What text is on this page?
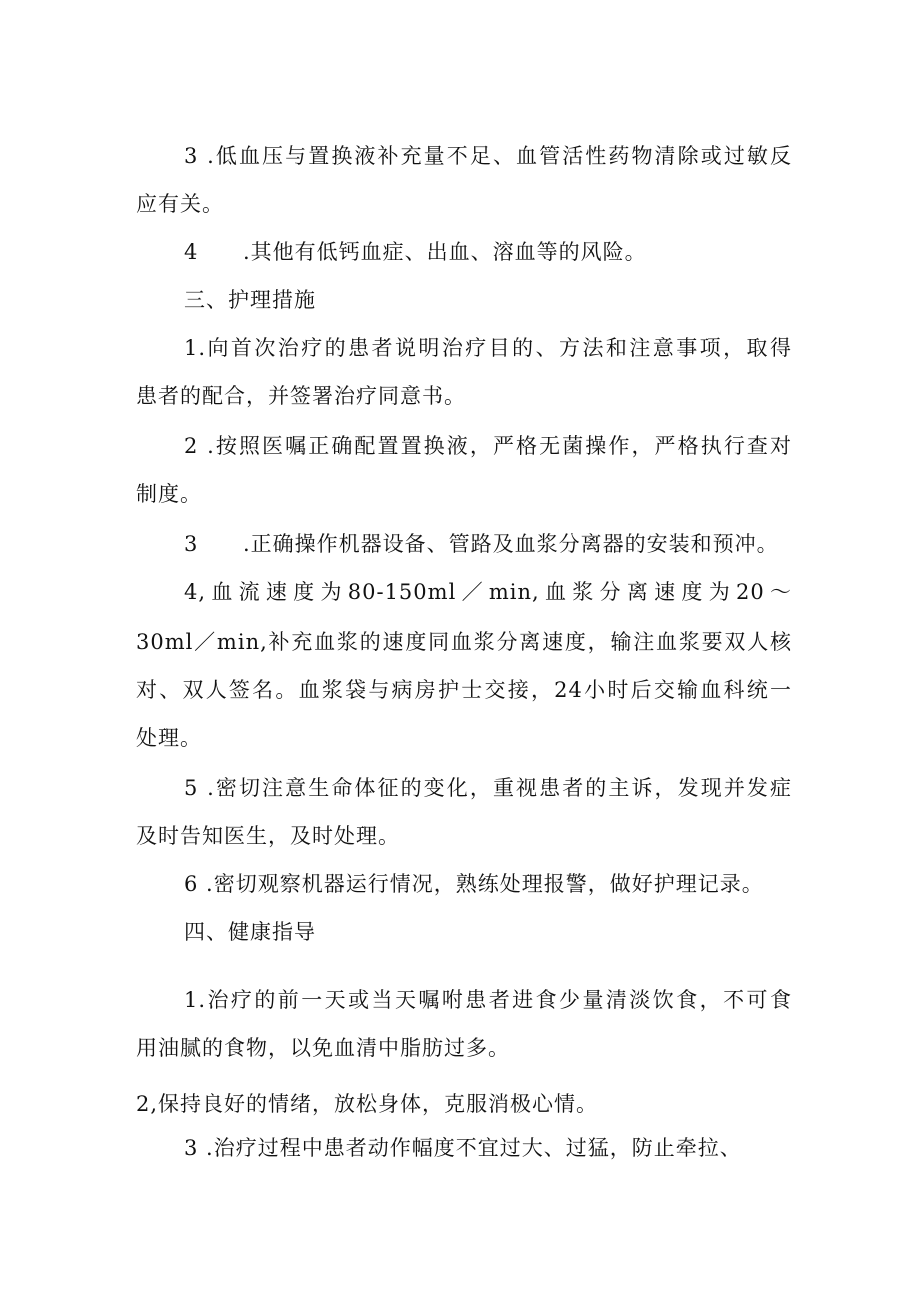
3 .低血压与置换液补充量不足、血管活性药物清除或过敏反
应有关。
4 .其他有低钙血症、出血、溶血等的风险。
三、护理措施
1.向首次治疗的患者说明治疗目的、方法和注意事项，取得
患者的配合，并签署治疗同意书。
2 .按照医嘱正确配置置换液，严格无菌操作，严格执行查对
制度。
3 .正确操作机器设备、管路及血浆分离器的安装和预冲。
4,血流速度为80-150ml／min,血浆分离速度为20～
30ml／min,补充血浆的速度同血浆分离速度，输注血浆要双人核
对、双人签名。血浆袋与病房护士交接，24小时后交输血科统一
处理。
5 .密切注意生命体征的变化，重视患者的主诉，发现并发症
及时告知医生，及时处理。
6 .密切观察机器运行情况，熟练处理报警，做好护理记录。
四、健康指导
1.治疗的前一天或当天嘱咐患者进食少量清淡饮食，不可食
用油腻的食物，以免血清中脂肪过多。
2,保持良好的情绪，放松身体，克服消极心情。
3 .治疗过程中患者动作幅度不宜过大、过猛，防止牵拉、
